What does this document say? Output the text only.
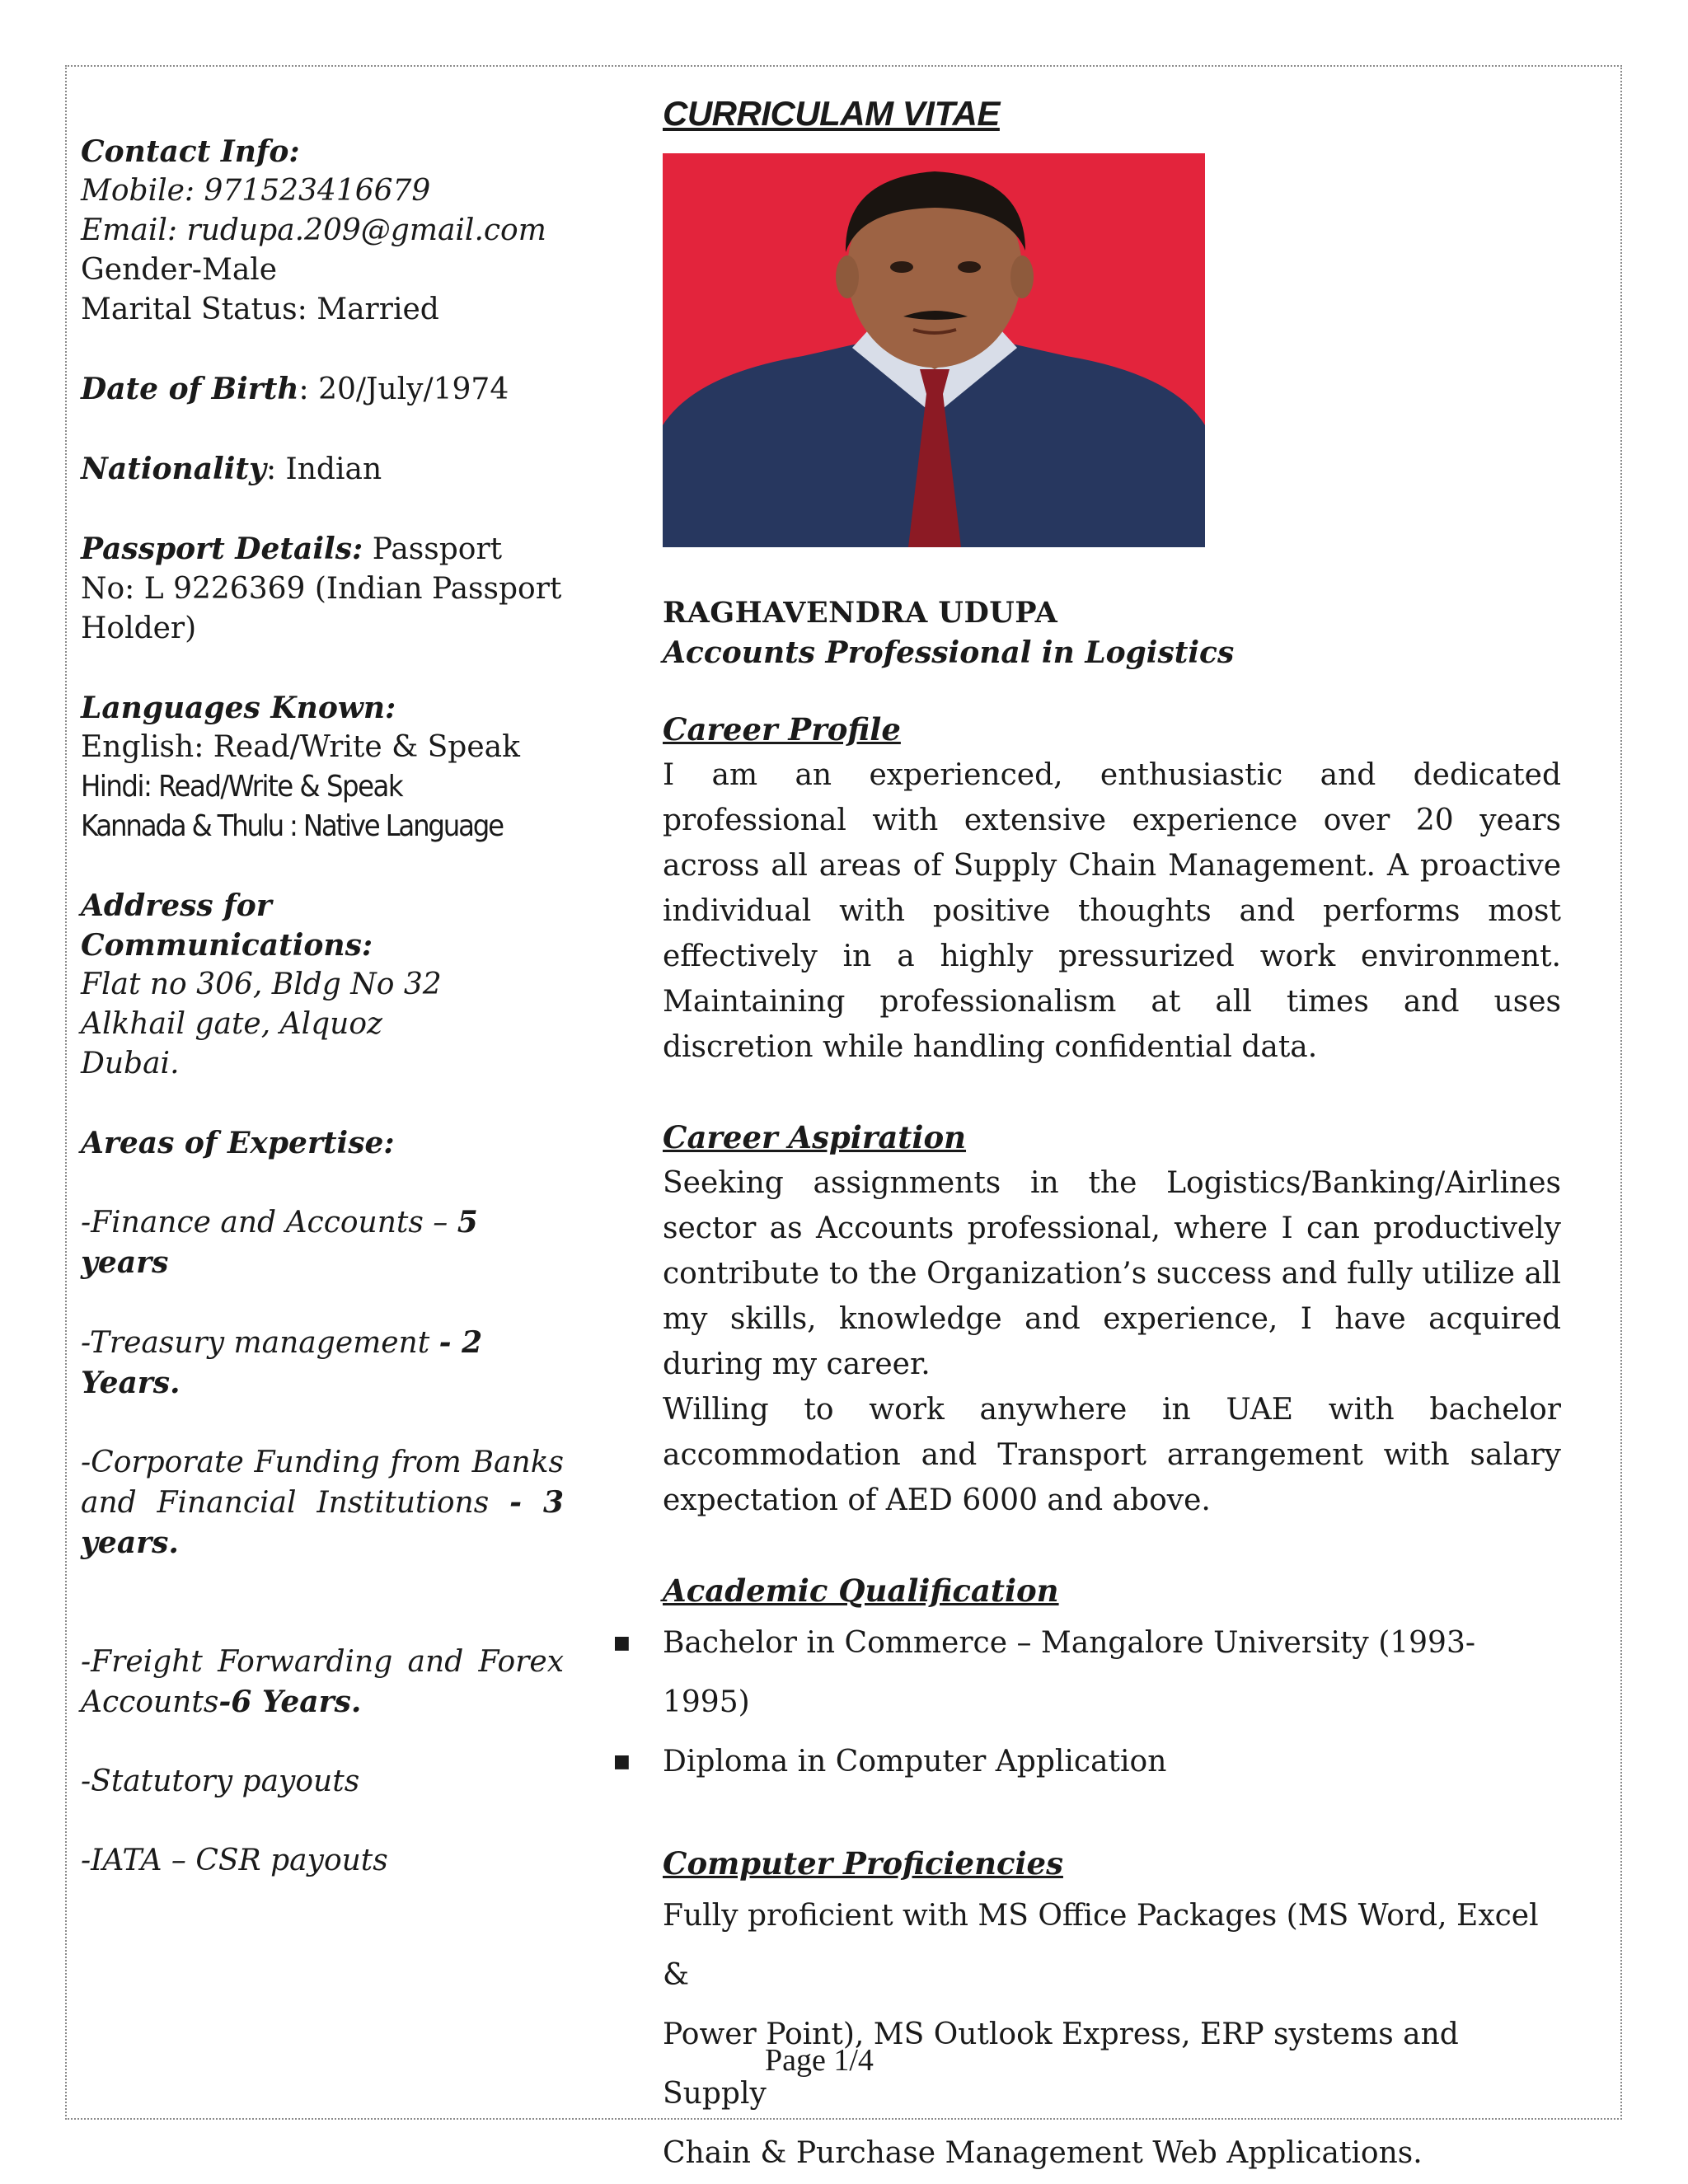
Contact Info:

Mobile: 971523416679

Email: rudupa.209@gmail.com

Gender-Male

Marital Status: Married

Date of Birth: 20/July/1974

Nationality: Indian

Passport Details: Passport No: L 9226369 (Indian Passport Holder)

Languages Known:

English: Read/Write & Speak

Hindi: Read/Write & Speak

Kannada & Thulu : Native Language

Address for Communications:

Flat no 306, Bldg No 32

Alkhail gate, Alquoz

Dubai.

Areas of Expertise:

-Finance and Accounts – 5 years

-Treasury management - 2 Years.

-Corporate Funding from Banks and Financial Institutions - 3 years.

-Freight Forwarding and Forex Accounts-6 Years.

-Statutory payouts

-IATA – CSR payouts

CURRICULAM VITAE

RAGHAVENDRA UDUPA

Accounts Professional in Logistics

Career Profile

I am an experienced, enthusiastic and dedicated professional with extensive experience over 20 years across all areas of Supply Chain Management. A proactive individual with positive thoughts and performs most effectively in a highly pressurized work environment. Maintaining professionalism at all times and uses discretion while handling confidential data.

Career Aspiration

Seeking assignments in the Logistics/Banking/Airlines sector as Accounts professional, where I can productively contribute to the Organization’s success and fully utilize all my skills, knowledge and experience, I have acquired during my career.

Willing to work anywhere in UAE with bachelor accommodation and Transport arrangement with salary expectation of AED 6000 and above.

Academic Qualification

■ Bachelor in Commerce – Mangalore University (1993-1995)
■ Diploma in Computer Application

Computer Proficiencies

Fully proficient with MS Office Packages (MS Word, Excel &

Power Point), MS Outlook Express, ERP systems and Supply

Chain & Purchase Management Web Applications.

Page 1/4
